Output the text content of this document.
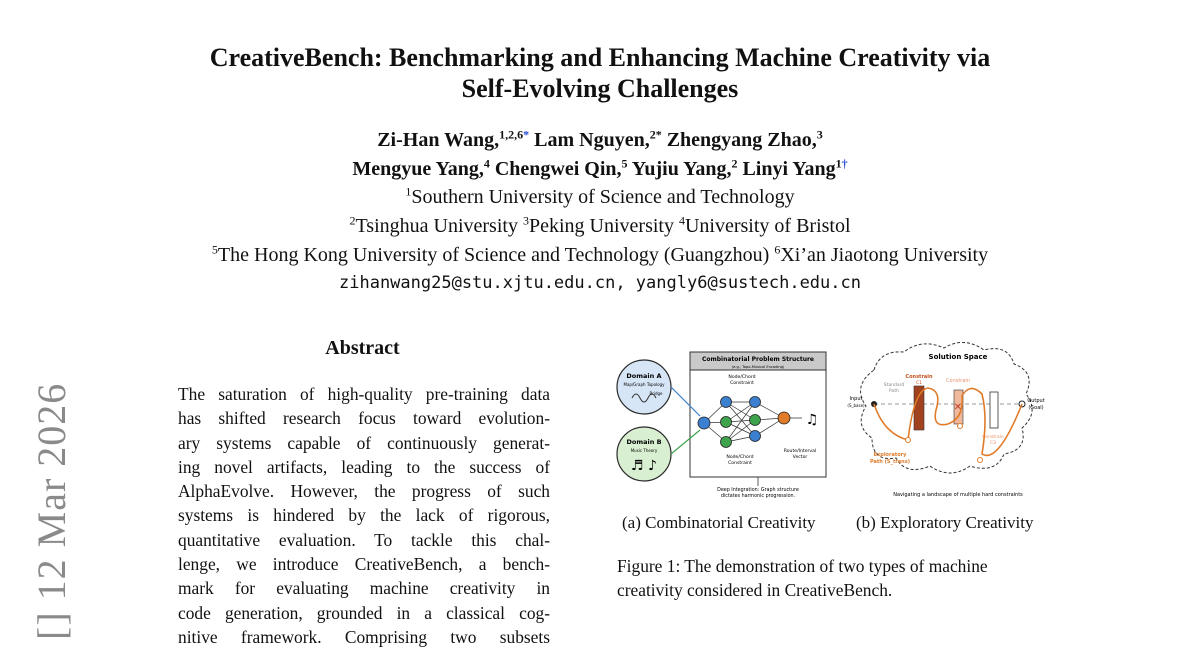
[] 12 Mar 2026
CreativeBench: Benchmarking and Enhancing Machine Creativity via
Self-Evolving Challenges
Zi-Han Wang,$^{1,2,6*}$ Lam Nguyen,$^{2*}$ Zhengyang Zhao,$^3$
Mengyue Yang,$^4$ Chengwei Qin,$^5$ Yujiu Yang,$^2$ Linyi Yang$^{1\dagger}$
$^1$Southern University of Science and Technology
$^2$Tsinghua University $^3$Peking University $^4$University of Bristol
$^5$The Hong Kong University of Science and Technology (Guangzhou) $^6$Xi’an Jiaotong University
zihanwang25@stu.xjtu.edu.cn, yangly6@sustech.edu.cn
Abstract
The saturation of high-quality pre-training data
has shifted research focus toward evolution-
ary systems capable of continuously generat-
ing novel artifacts, leading to the success of
AlphaEvolve. However, the progress of such
systems is hindered by the lack of rigorous,
quantitative evaluation. To tackle this chal-
lenge, we introduce CreativeBench, a bench-
mark for evaluating machine creativity in
code generation, grounded in a classical cog-
nitive framework. Comprising two subsets
Domain A
Map/Graph Topology
Bridge
Domain B
Music Theory
♬ ♪
Combinatorial Problem Structure
(e.g., Topo-Musical Encoding)
♫
Node/Chord
Constraint
Node/Chord
Constraint
Route/Interval
Vector
Deep Integration: Graph structure
dictates harmonic progression.
Solution Space
Input
(S_base)
Output
(Goal)
Standard
Path
Constrain
C1	Constrain
Constrain
C3
✕
Exploratory
Path (S_trans)
Navigating a landscape of multiple hard constraints
(a) Combinatorial Creativity (b) Exploratory Creativity
Figure 1: The demonstration of two types of machine
creativity considered in CreativeBench.
